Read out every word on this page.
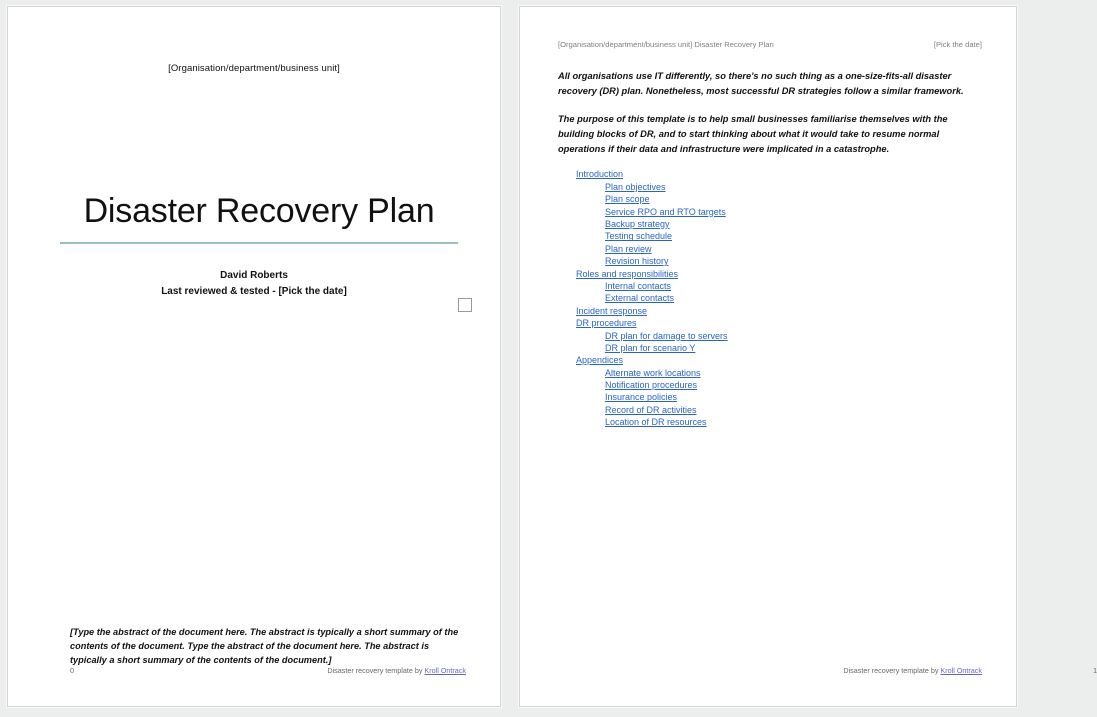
[Organisation/department/business unit]
Disaster Recovery Plan
David Roberts
Last reviewed & tested - [Pick the date]
[Type the abstract of the document here. The abstract is typically a short summary of the contents of the document. Type the abstract of the document here. The abstract is typically a short summary of the contents of the document.]
0	Disaster recovery template by Kroll Ontrack
[Organisation/department/business unit] Disaster Recovery Plan	[Pick the date]

All organisations use IT differently, so there's no such thing as a one-size-fits-all disaster recovery (DR) plan. Nonetheless, most successful DR strategies follow a similar framework.

The purpose of this template is to help small businesses familiarise themselves with the building blocks of DR, and to start thinking about what it would take to resume normal operations if their data and infrastructure were implicated in a catastrophe.

Introduction
Plan objectives
Plan scope
Service RPO and RTO targets
Backup strategy
Testing schedule
Plan review
Revision history
Roles and responsibilities
Internal contacts
External contacts
Incident response
DR procedures
DR plan for damage to servers
DR plan for scenario Y
Appendices
Alternate work locations
Notification procedures
Insurance policies
Record of DR activities
Location of DR resources
1
Disaster recovery template by Kroll Ontrack
